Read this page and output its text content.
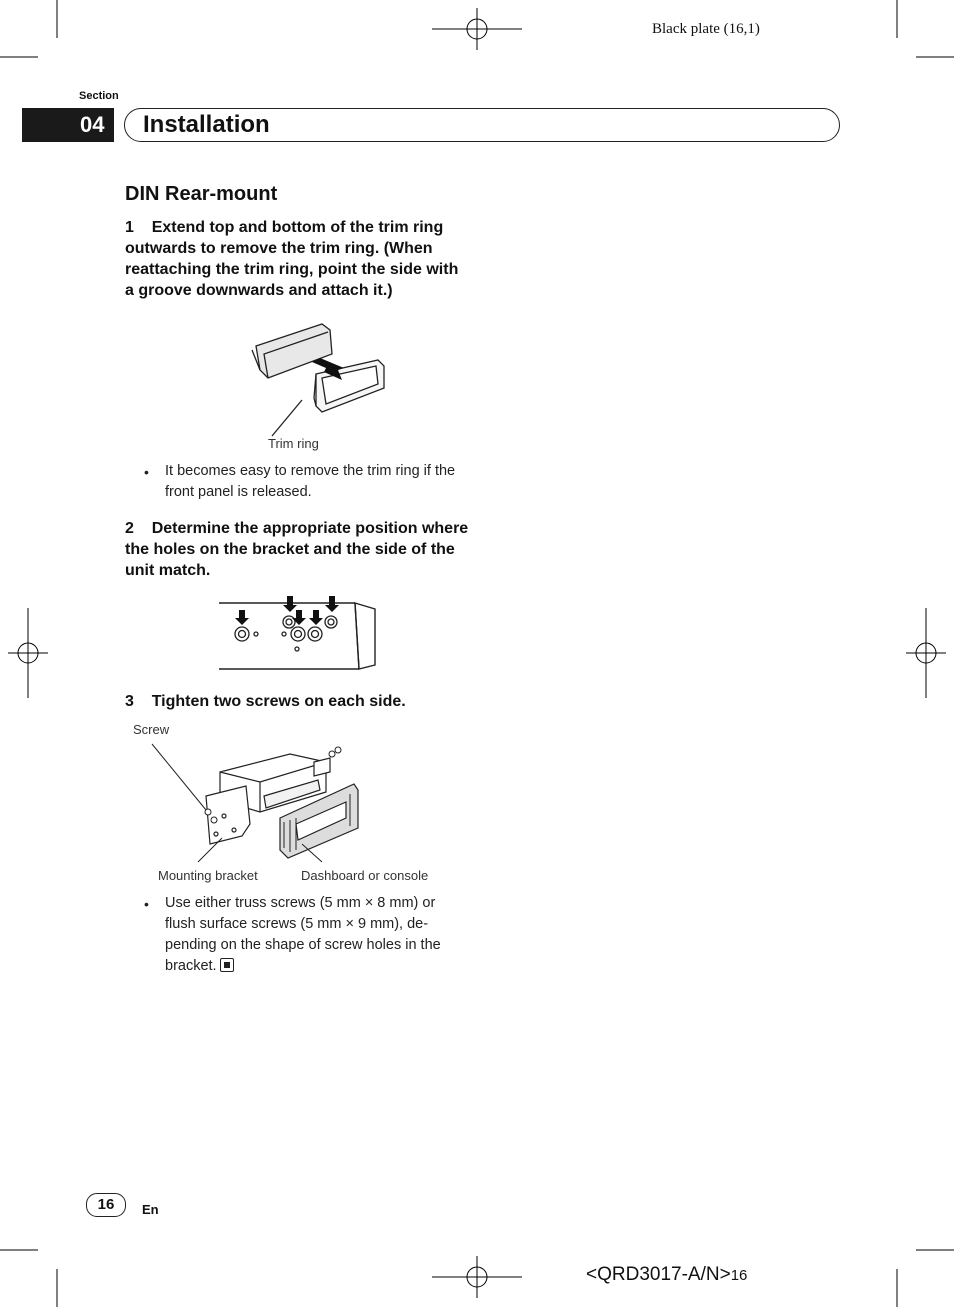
Black plate (16,1)
Section
04 Installation
DIN Rear-mount
1 Extend top and bottom of the trim ring outwards to remove the trim ring. (When reattaching the trim ring, point the side with a groove downwards and attach it.)
Trim ring
• It becomes easy to remove the trim ring if the front panel is released.
2 Determine the appropriate position where the holes on the bracket and the side of the unit match.
3 Tighten two screws on each side.
Screw
Mounting bracket	Dashboard or console
• Use either truss screws (5 mm × 8 mm) or flush surface screws (5 mm × 9 mm), de-pending on the shape of screw holes in the bracket.
16	En
<QRD3017-A/N>16
